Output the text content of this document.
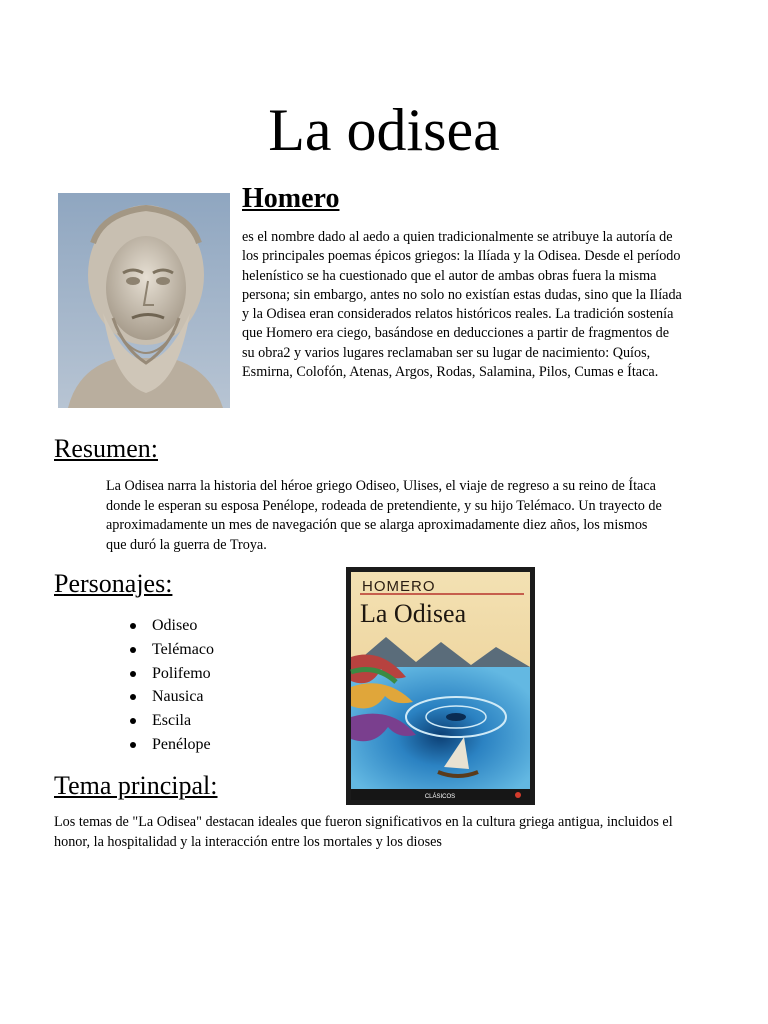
La odisea
Homero
es el nombre dado al aedo a quien tradicionalmente se atribuye la autoría de los principales poemas épicos griegos: la Ilíada y la Odisea. Desde el período helenístico se ha cuestionado que el autor de ambas obras fuera la misma persona; sin embargo, antes no solo no existían estas dudas, sino que la Ilíada y la Odisea eran considerados relatos históricos reales. La tradición sostenía que Homero era ciego, basándose en deducciones a partir de fragmentos de su obra2 y varios lugares reclamaban ser su lugar de nacimiento: Quíos, Esmirna, Colofón, Atenas, Argos, Rodas, Salamina, Pilos, Cumas e Ítaca.
Resumen:
La Odisea narra la historia del héroe griego Odiseo, Ulises, el viaje de regreso a su reino de Ítaca donde le esperan su esposa Penélope, rodeada de pretendiente, y su hijo Telémaco. Un trayecto de aproximadamente un mes de navegación que se alarga aproximadamente diez años, los mismos que duró la guerra de Troya.
Personajes:
Odiseo
Telémaco
Polifemo
Nausica
Escila
Penélope
HOMERO
La Odisea
CLÁSICOS
Tema principal:
Los temas de "La Odisea" destacan ideales que fueron significativos en la cultura griega antigua, incluidos el honor, la hospitalidad y la interacción entre los mortales y los dioses
